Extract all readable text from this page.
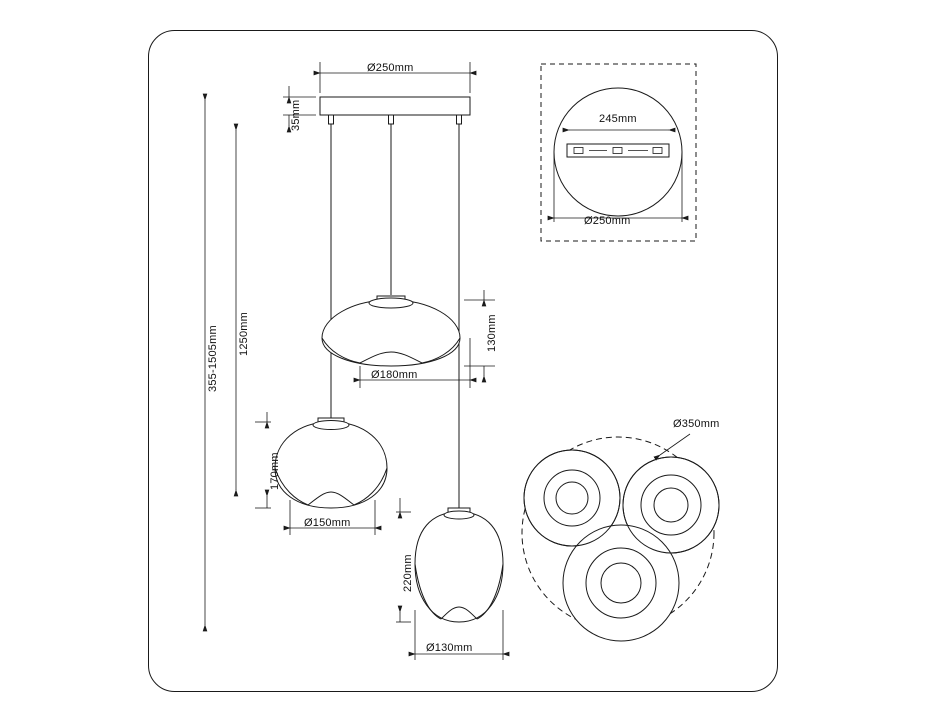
Ø250mm
35mm
1250mm
355-1505mm	130mm
Ø180mm
170mm
Ø150mm
220mm
Ø130mm
245mm
Ø250mm
Ø350mm
